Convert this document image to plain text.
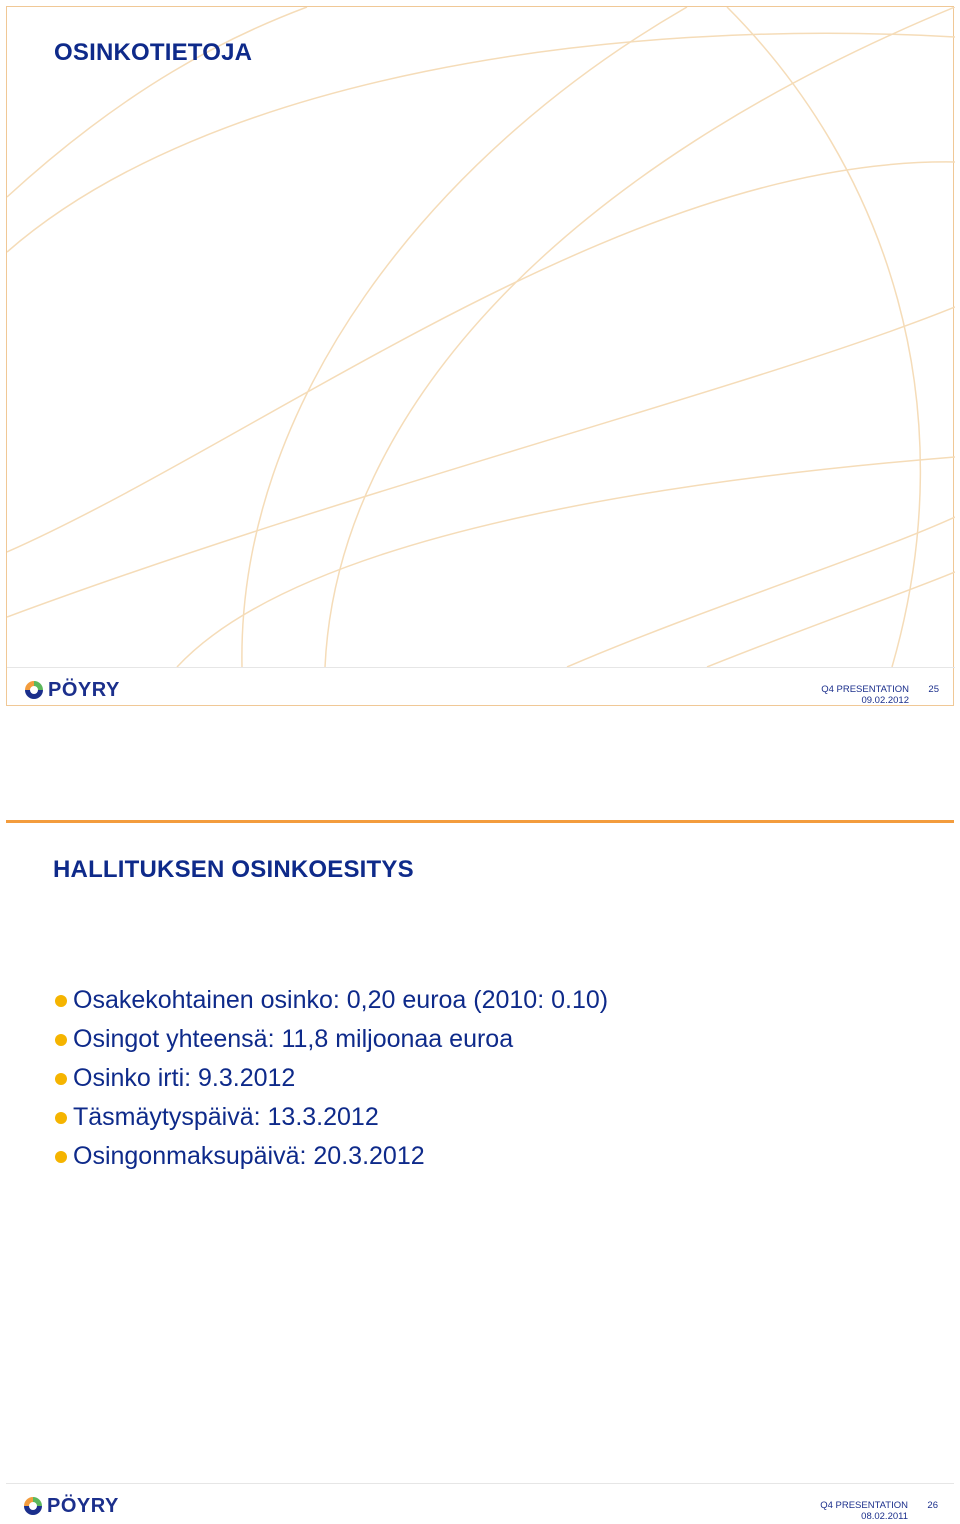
OSINKOTIETOJA
PÖYRY	Q4 PRESENTATION
09.02.2012
25
HALLITUKSEN OSINKOESITYS
Osakekohtainen osinko: 0,20 euroa (2010: 0.10)
Osingot yhteensä: 11,8 miljoonaa euroa
Osinko irti: 9.3.2012
Täsmäytyspäivä: 13.3.2012
Osingonmaksupäivä: 20.3.2012
PÖYRY	Q4 PRESENTATION
08.02.2011
26
